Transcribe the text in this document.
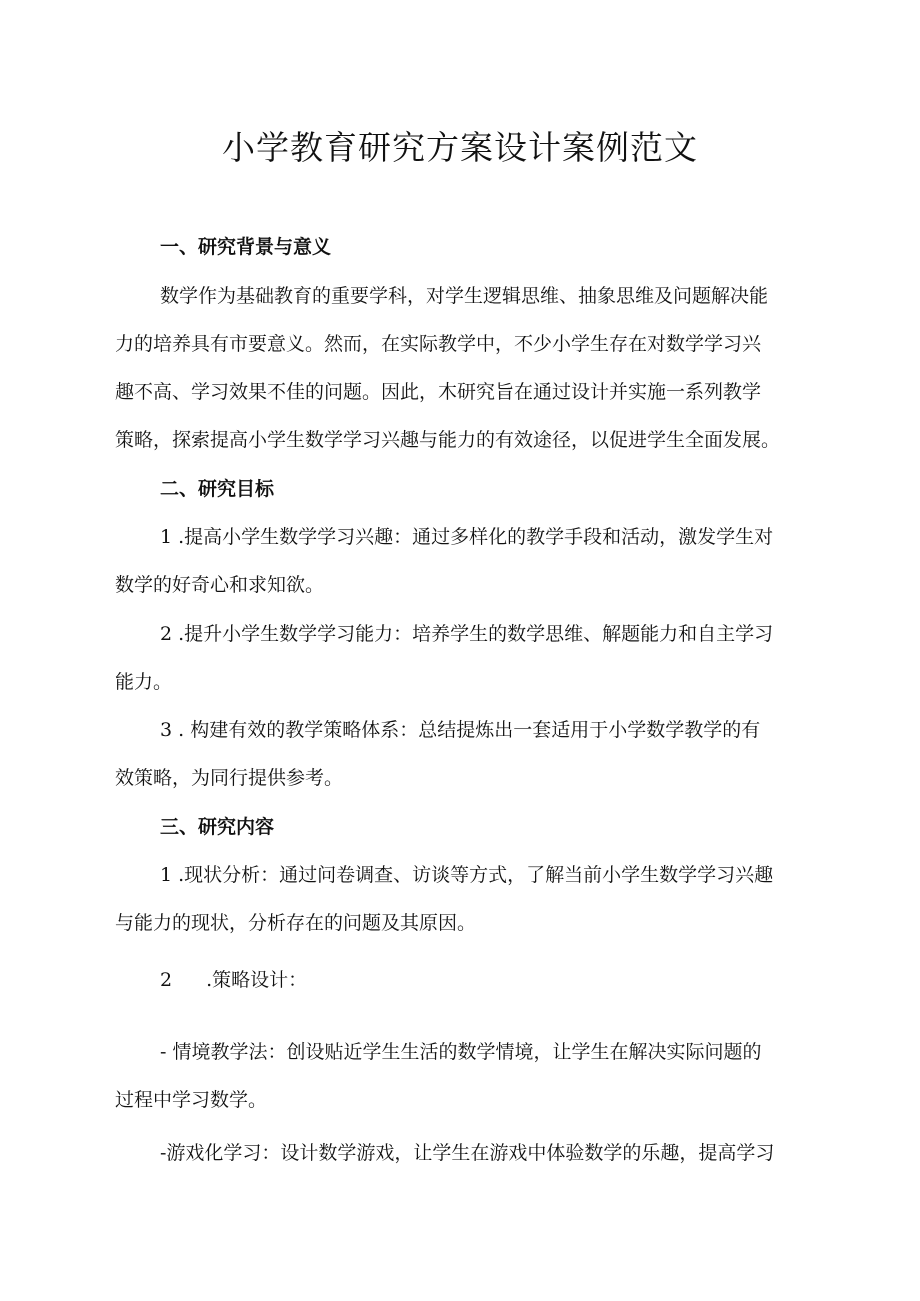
小学教育研究方案设计案例范文
一、研究背景与意义

数学作为基础教育的重要学科，对学生逻辑思维、抽象思维及问题解决能

力的培养具有市要意义。然而，在实际教学中，不少小学生存在对数学学习兴

趣不高、学习效果不佳的问题。因此，木研究旨在通过设计并实施一系列教学

策略，探索提高小学生数学学习兴趣与能力的有效途径，以促进学生全面发展。

二、研究目标

1 .提高小学生数学学习兴趣：通过多样化的教学手段和活动，激发学生对

数学的好奇心和求知欲。

2 .提升小学生数学学习能力：培养学生的数学思维、解题能力和自主学习

能力。

3 . 构建有效的教学策略体系：总结提炼出一套适用于小学数学教学的有

效策略，为同行提供参考。

三、研究内容

1 .现状分析：通过问卷调查、访谈等方式，了解当前小学生数学学习兴趣

与能力的现状，分析存在的问题及其原因。

2 .策略设计：

- 情境教学法：创设贴近学生生活的数学情境，让学生在解决实际问题的

过程中学习数学。

-游戏化学习：设计数学游戏，让学生在游戏中体验数学的乐趣，提高学习
